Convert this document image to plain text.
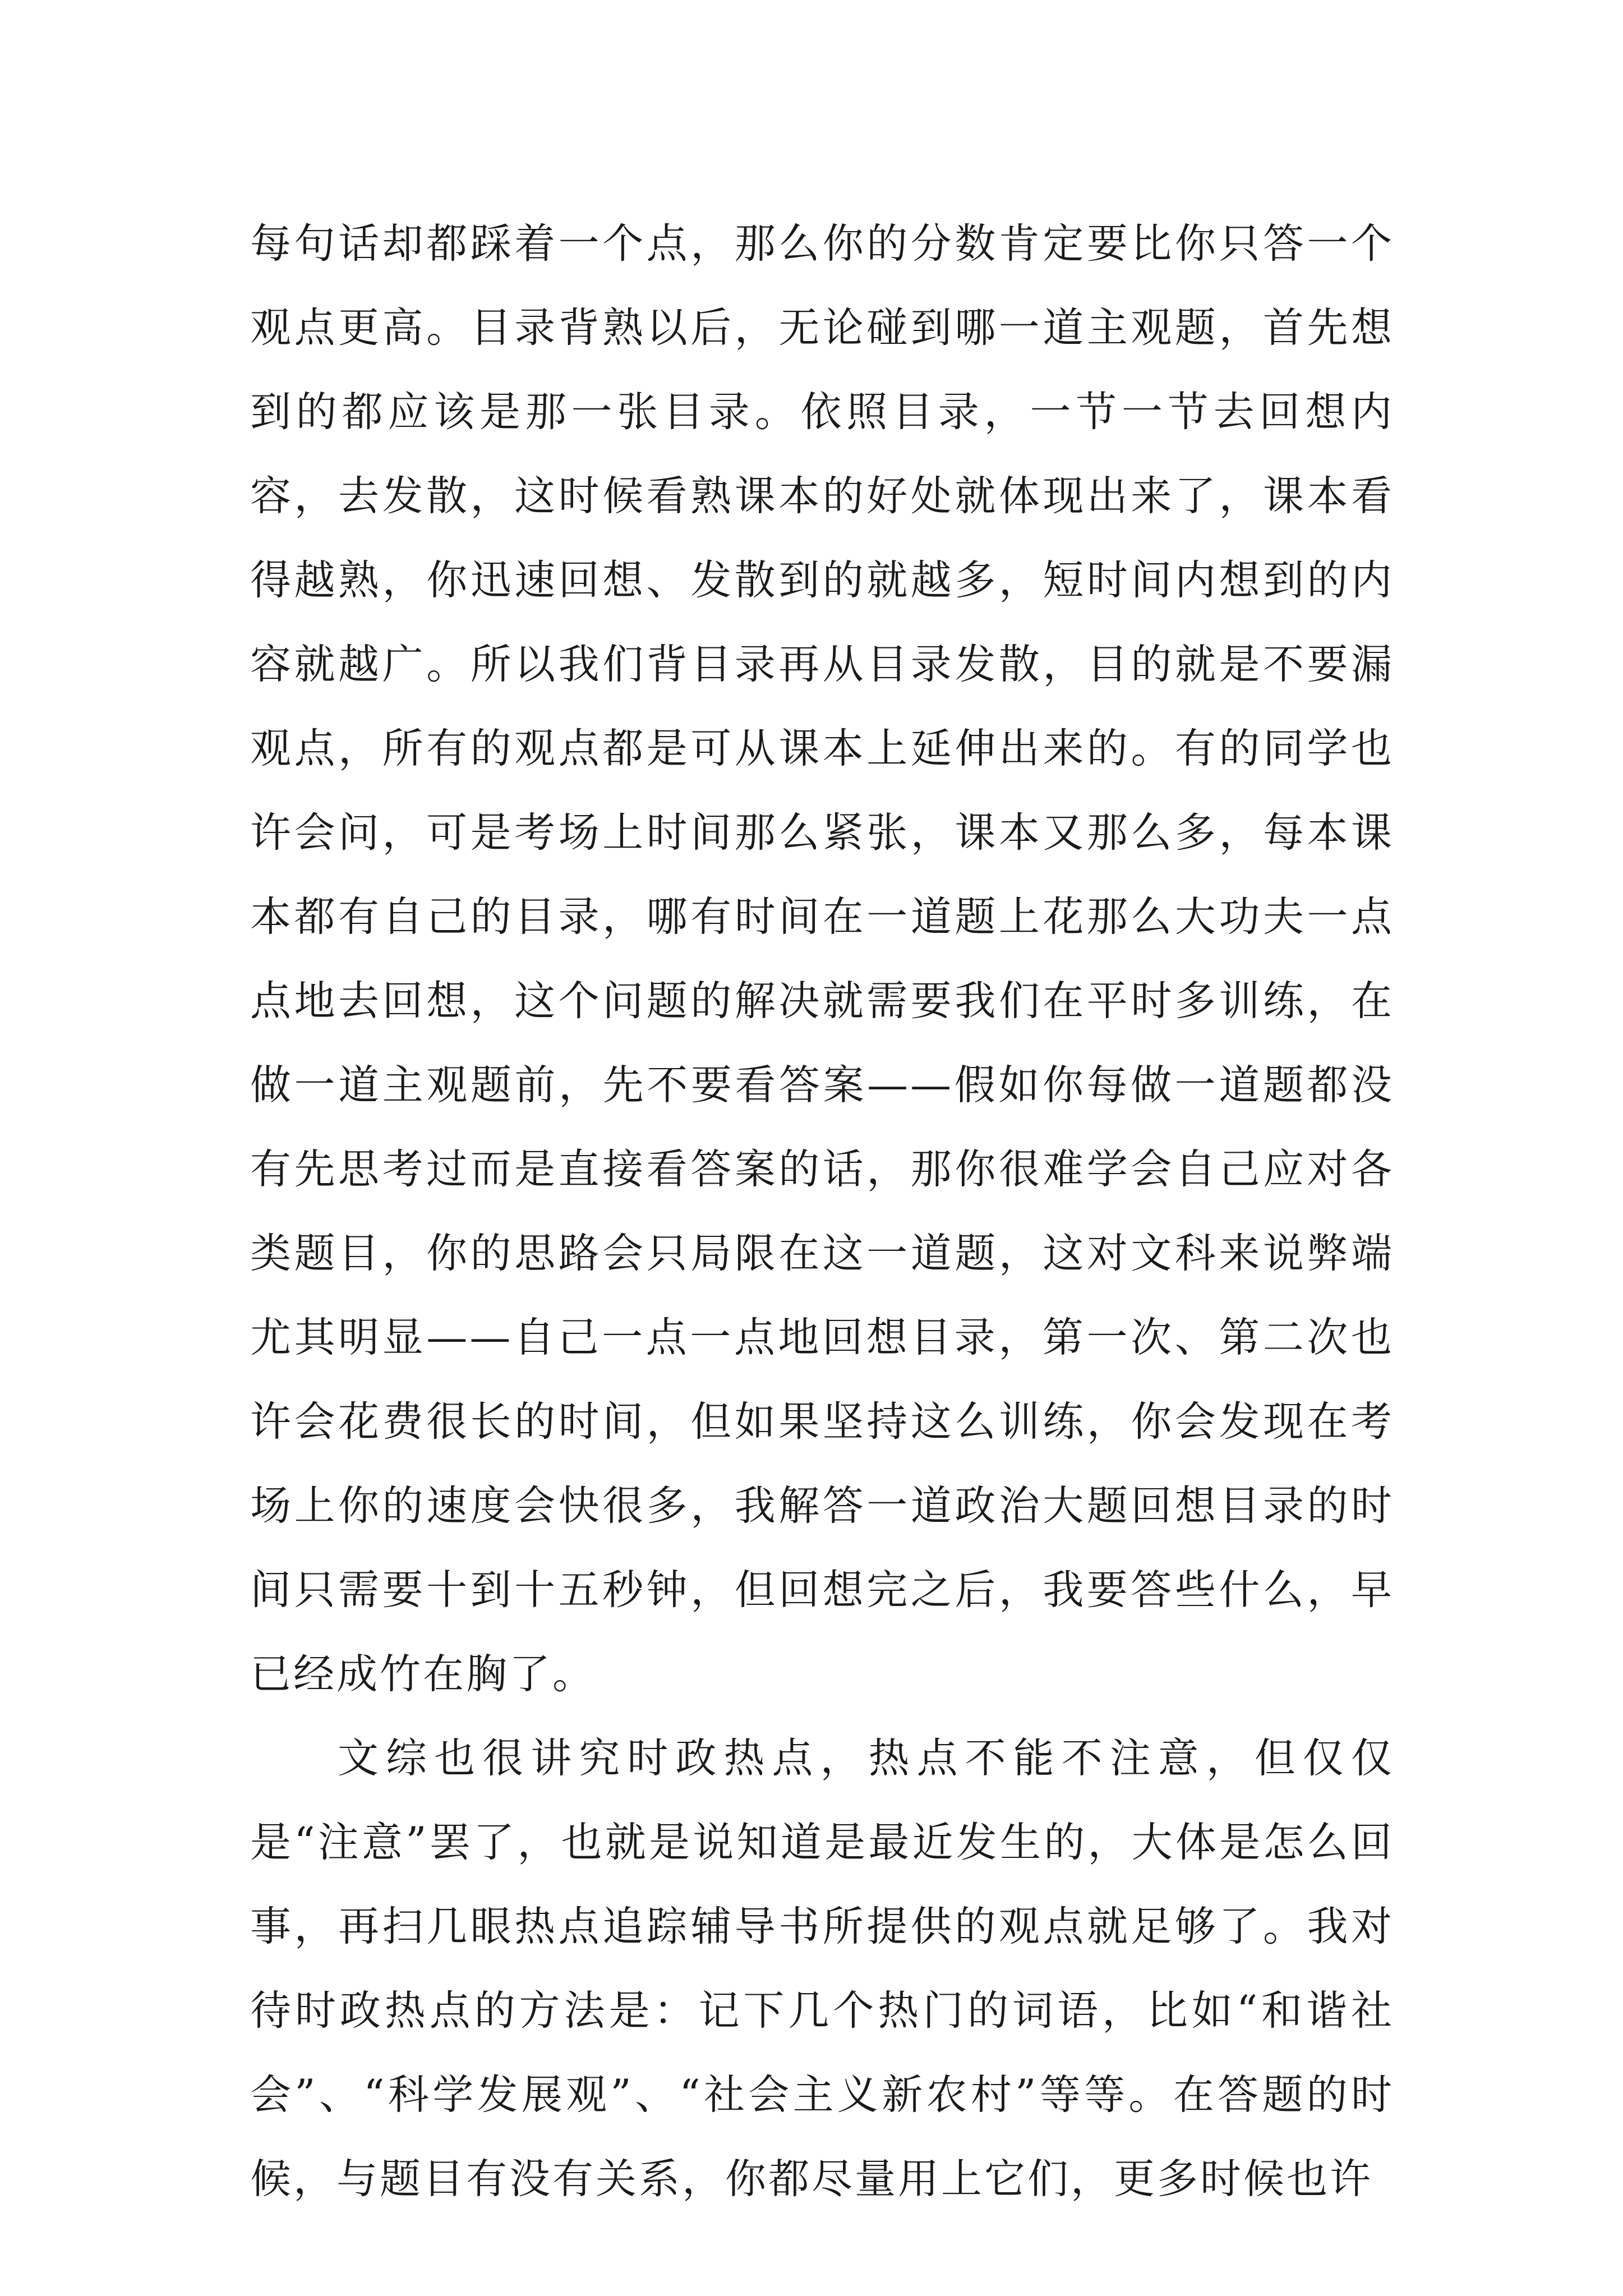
每句话却都踩着一个点，那么你的分数肯定要比你只答一个观点更高。目录背熟以后，无论碰到哪一道主观题，首先想到的都应该是那一张目录。依照目录，一节一节去回想内容，去发散，这时候看熟课本的好处就体现出来了，课本看得越熟，你迅速回想、发散到的就越多，短时间内想到的内容就越广。所以我们背目录再从目录发散，目的就是不要漏观点，所有的观点都是可从课本上延伸出来的。有的同学也许会问，可是考场上时间那么紧张，课本又那么多，每本课本都有自己的目录，哪有时间在一道题上花那么大功夫一点点地去回想，这个问题的解决就需要我们在平时多训练，在做一道主观题前，先不要看答案——假如你每做一道题都没有先思考过而是直接看答案的话，那你很难学会自己应对各类题目，你的思路会只局限在这一道题，这对文科来说弊端尤其明显——自己一点一点地回想目录，第一次、第二次也许会花费很长的时间，但如果坚持这么训练，你会发现在考场上你的速度会快很多，我解答一道政治大题回想目录的时间只需要十到十五秒钟，但回想完之后，我要答些什么，早已经成竹在胸了。

文综也很讲究时政热点，热点不能不注意，但仅仅是“注意”罢了，也就是说知道是最近发生的，大体是怎么回事，再扫几眼热点追踪辅导书所提供的观点就足够了。我对待时政热点的方法是：记下几个热门的词语，比如“和谐社会”、“科学发展观”、“社会主义新农村”等等。在答题的时候，与题目有没有关系，你都尽量用上它们，更多时候也许
